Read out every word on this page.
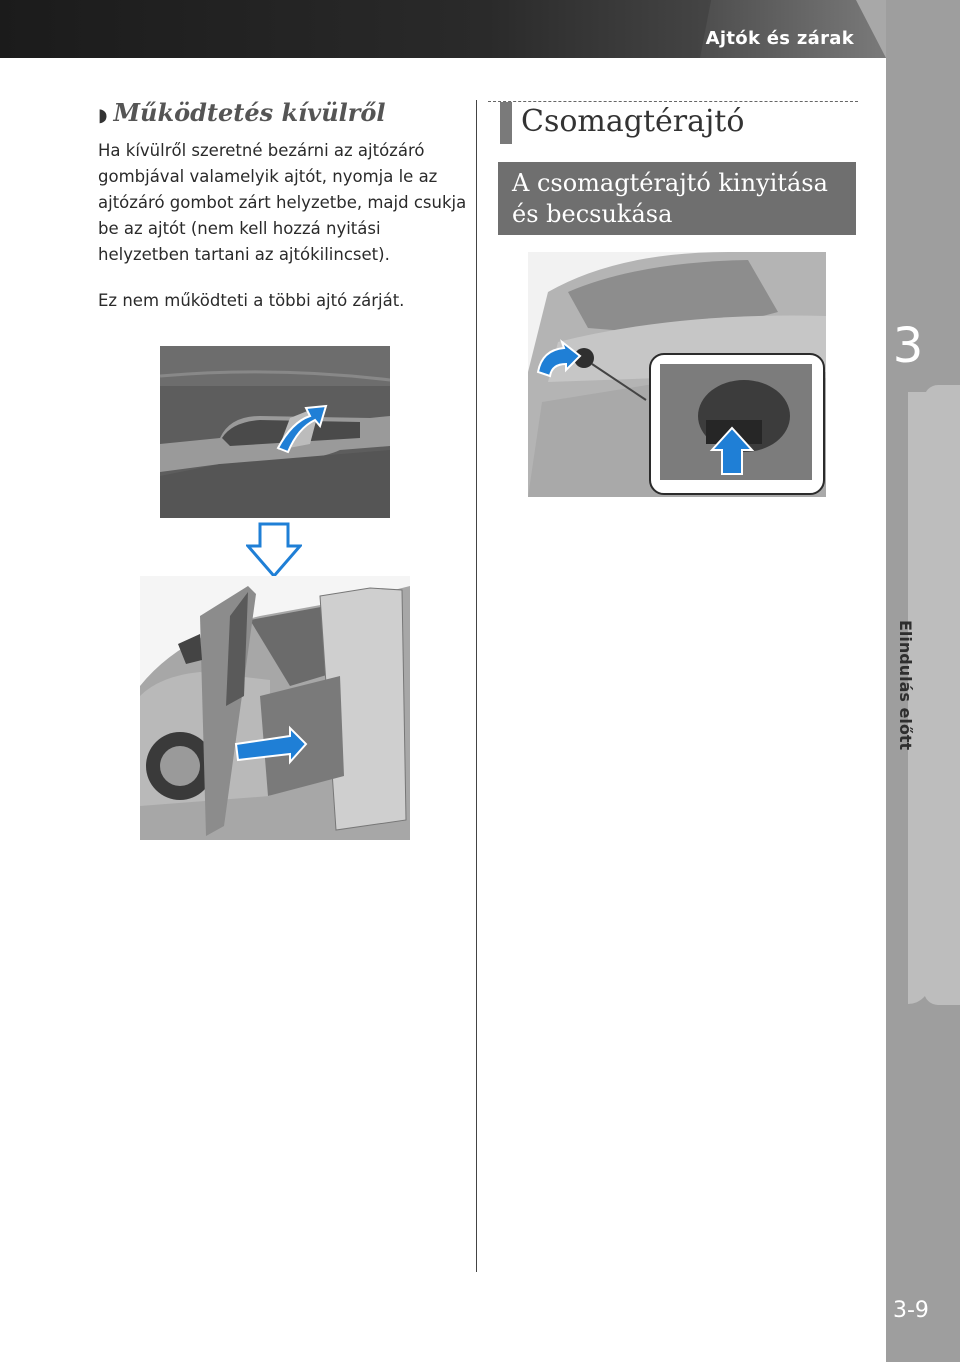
Ajtók és zárak
3
Elindulás előtt
3-9
◗ Működtetés kívülről
Ha kívülről szeretné bezárni az ajtózáró gombjával valamelyik ajtót, nyomja le az ajtózáró gombot zárt helyzetbe, majd csukja be az ajtót (nem kell hozzá nyitási helyzetben tartani az ajtókilincset).
Ez nem működteti a többi ajtó zárját.
Csomagtérajtó
A csomagtérajtó kinyitása és becsukása
carmanualsonline.info
